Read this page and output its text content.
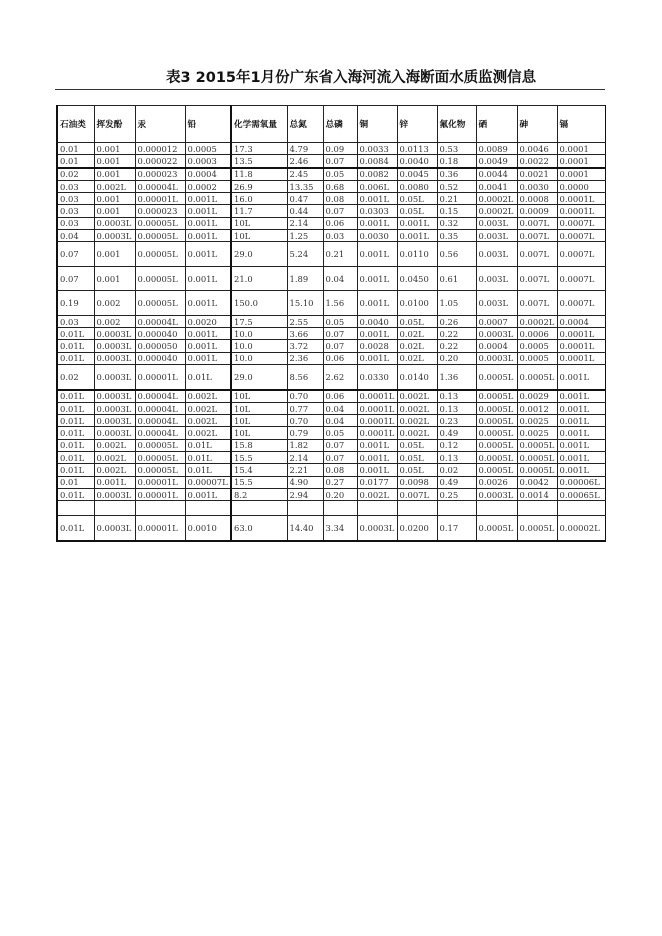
表3 2015年1月份广东省入海河流入海断面水质监测信息
石油类	挥发酚	汞	铅	化学需氧量	总氮	总磷	铜	锌	氟化物	硒	砷	镉
0.01	0.001	0.000012	0.0005	17.3	4.79	0.09	0.0033	0.0113	0.53	0.0089	0.0046	0.0001
0.01	0.001	0.000022	0.0003	13.5	2.46	0.07	0.0084	0.0040	0.18	0.0049	0.0022	0.0001
0.02	0.001	0.000023	0.0004	11.8	2.45	0.05	0.0082	0.0045	0.36	0.0044	0.0021	0.0001
0.03	0.002L	0.00004L	0.0002	26.9	13.35	0.68	0.006L	0.0080	0.52	0.0041	0.0030	0.0000
0.03	0.001	0.00001L	0.001L	16.0	0.47	0.08	0.001L	0.05L	0.21	0.0002L	0.0008	0.0001L
0.03	0.001	0.000023	0.001L	11.7	0.44	0.07	0.0303	0.05L	0.15	0.0002L	0.0009	0.0001L
0.03	0.0003L	0.00005L	0.001L	10L	2.14	0.06	0.001L	0.001L	0.32	0.003L	0.007L	0.0007L
0.04	0.0003L	0.00005L	0.001L	10L	1.25	0.03	0.0030	0.001L	0.35	0.003L	0.007L	0.0007L
0.07	0.001	0.00005L	0.001L	29.0	5.24	0.21	0.001L	0.0110	0.56	0.003L	0.007L	0.0007L
0.07	0.001	0.00005L	0.001L	21.0	1.89	0.04	0.001L	0.0450	0.61	0.003L	0.007L	0.0007L
0.19	0.002	0.00005L	0.001L	150.0	15.10	1.56	0.001L	0.0100	1.05	0.003L	0.007L	0.0007L
0.03	0.002	0.00004L	0.0020	17.5	2.55	0.05	0.0040	0.05L	0.26	0.0007	0.0002L	0.0004
0.01L	0.0003L	0.000040	0.001L	10.0	3.66	0.07	0.001L	0.02L	0.22	0.0003L	0.0006	0.0001L
0.01L	0.0003L	0.000050	0.001L	10.0	3.72	0.07	0.0028	0.02L	0.22	0.0004	0.0005	0.0001L
0.01L	0.0003L	0.000040	0.001L	10.0	2.36	0.06	0.001L	0.02L	0.20	0.0003L	0.0005	0.0001L
0.02	0.0003L	0.00001L	0.01L	29.0	8.56	2.62	0.0330	0.0140	1.36	0.0005L	0.0005L	0.001L
0.01L	0.0003L	0.00004L	0.002L	10L	0.70	0.06	0.0001L	0.002L	0.13	0.0005L	0.0029	0.001L
0.01L	0.0003L	0.00004L	0.002L	10L	0.77	0.04	0.0001L	0.002L	0.13	0.0005L	0.0012	0.001L
0.01L	0.0003L	0.00004L	0.002L	10L	0.70	0.04	0.0001L	0.002L	0.23	0.0005L	0.0025	0.001L
0.01L	0.0003L	0.00004L	0.002L	10L	0.79	0.05	0.0001L	0.002L	0.49	0.0005L	0.0025	0.001L
0.01L	0.002L	0.00005L	0.01L	15.8	1.82	0.07	0.001L	0.05L	0.12	0.0005L	0.0005L	0.001L
0.01L	0.002L	0.00005L	0.01L	15.5	2.14	0.07	0.001L	0.05L	0.13	0.0005L	0.0005L	0.001L
0.01L	0.002L	0.00005L	0.01L	15.4	2.21	0.08	0.001L	0.05L	0.02	0.0005L	0.0005L	0.001L
0.01	0.001L	0.00001L	0.00007L	15.5	4.90	0.27	0.0177	0.0098	0.49	0.0026	0.0042	0.00006L
0.01L	0.0003L	0.00001L	0.001L	8.2	2.94	0.20	0.002L	0.007L	0.25	0.0003L	0.0014	0.00065L

0.01L	0.0003L	0.00001L	0.0010	63.0	14.40	3.34	0.0003L	0.0200	0.17	0.0005L	0.0005L	0.00002L
